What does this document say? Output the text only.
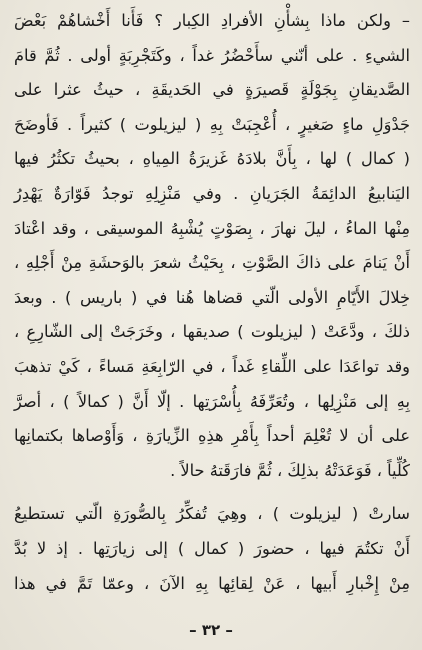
– ولكن ماذا بِشأْنِ الأفرادِ الكِبار ؟ فَأَنا أَخْشاهُمْ بَعْضَ
الشيءِ . على أنّني سأَحْضُرُ غداً ، وكَتَجْرِبَةٍ أولى . ثُمَّ قامَ
الصَّديقانِ بِجَوْلَةٍ قَصيرَةٍ في الحَديقَةِ ، حيثُ عثرا على
جَدْوَلِ ماءٍ صَغيرٍ ، أُعْجِبَتْ بِهِ ( ليزيلوت ) كثيراً . فَأوضَحَ
( كمال ) لها ، بِأَنَّ بلادَهُ غَزيرَةُ المِياهِ ، بحيثُ تكثُرُ فيها
اليَنابيعُ الدائِمَةُ الجَرَيانِ . وفي مَنْزِلِهِ توجدُ فَوّارَةٌ يَهْدِرُ
مِنْها الماءُ ، ليلَ نهارَ ، بِصَوْتٍ يُشْبِهُ الموسيقى ، وقد اعْتادَ
أَنْ يَنامَ على ذاكَ الصَّوْتِ ، بِحَيْثُ شعرَ بالوَحشَةِ مِنْ أَجْلِهِ ،
خِلالَ الأَيّامِ الأولى الّتي قضاها هُنا في ( باريس ) . وبعدَ
ذلكَ ، ودَّعَتْ ( ليزيلوت ) صديقها ، وخَرَجَتْ إلى الشّارِعِ ،
وقد تواعَدَا على اللِّقاءِ غَداً ، في الرّابِعَةِ مَساءً ، كَيْ تذهبَ
بِهِ إلى مَنْزِلِها ، وتُعَرِّفَهُ بِأُسْرَتِها . إلّا أَنَّ ( كمالاً ) ، أصرَّ
على أن لا تُعْلِمَ أحداً بِأَمْرِ هذِهِ الزِّيارَةِ ، وَأَوْصاها بكتمانِها
كُلِّياً ، فَوَعَدَتْهُ بذلِكَ ، ثُمَّ فارَقَتهُ حالاً .
سارتْ ( ليزيلوت ) ، وهِيَ تُفكِّرُ بِالصُّورَةِ الّتي تستطيعُ
أَنْ تكتُمَ فيها ، حضورَ ( كمال ) إلى زيارَتِها . إذ لا بُدَّ
مِنْ إِخْبارِ أَبيها ، عَنْ لِقائِها بِهِ الآنَ ، وعمّا تَمَّ في هذا
– ٣٢ –
